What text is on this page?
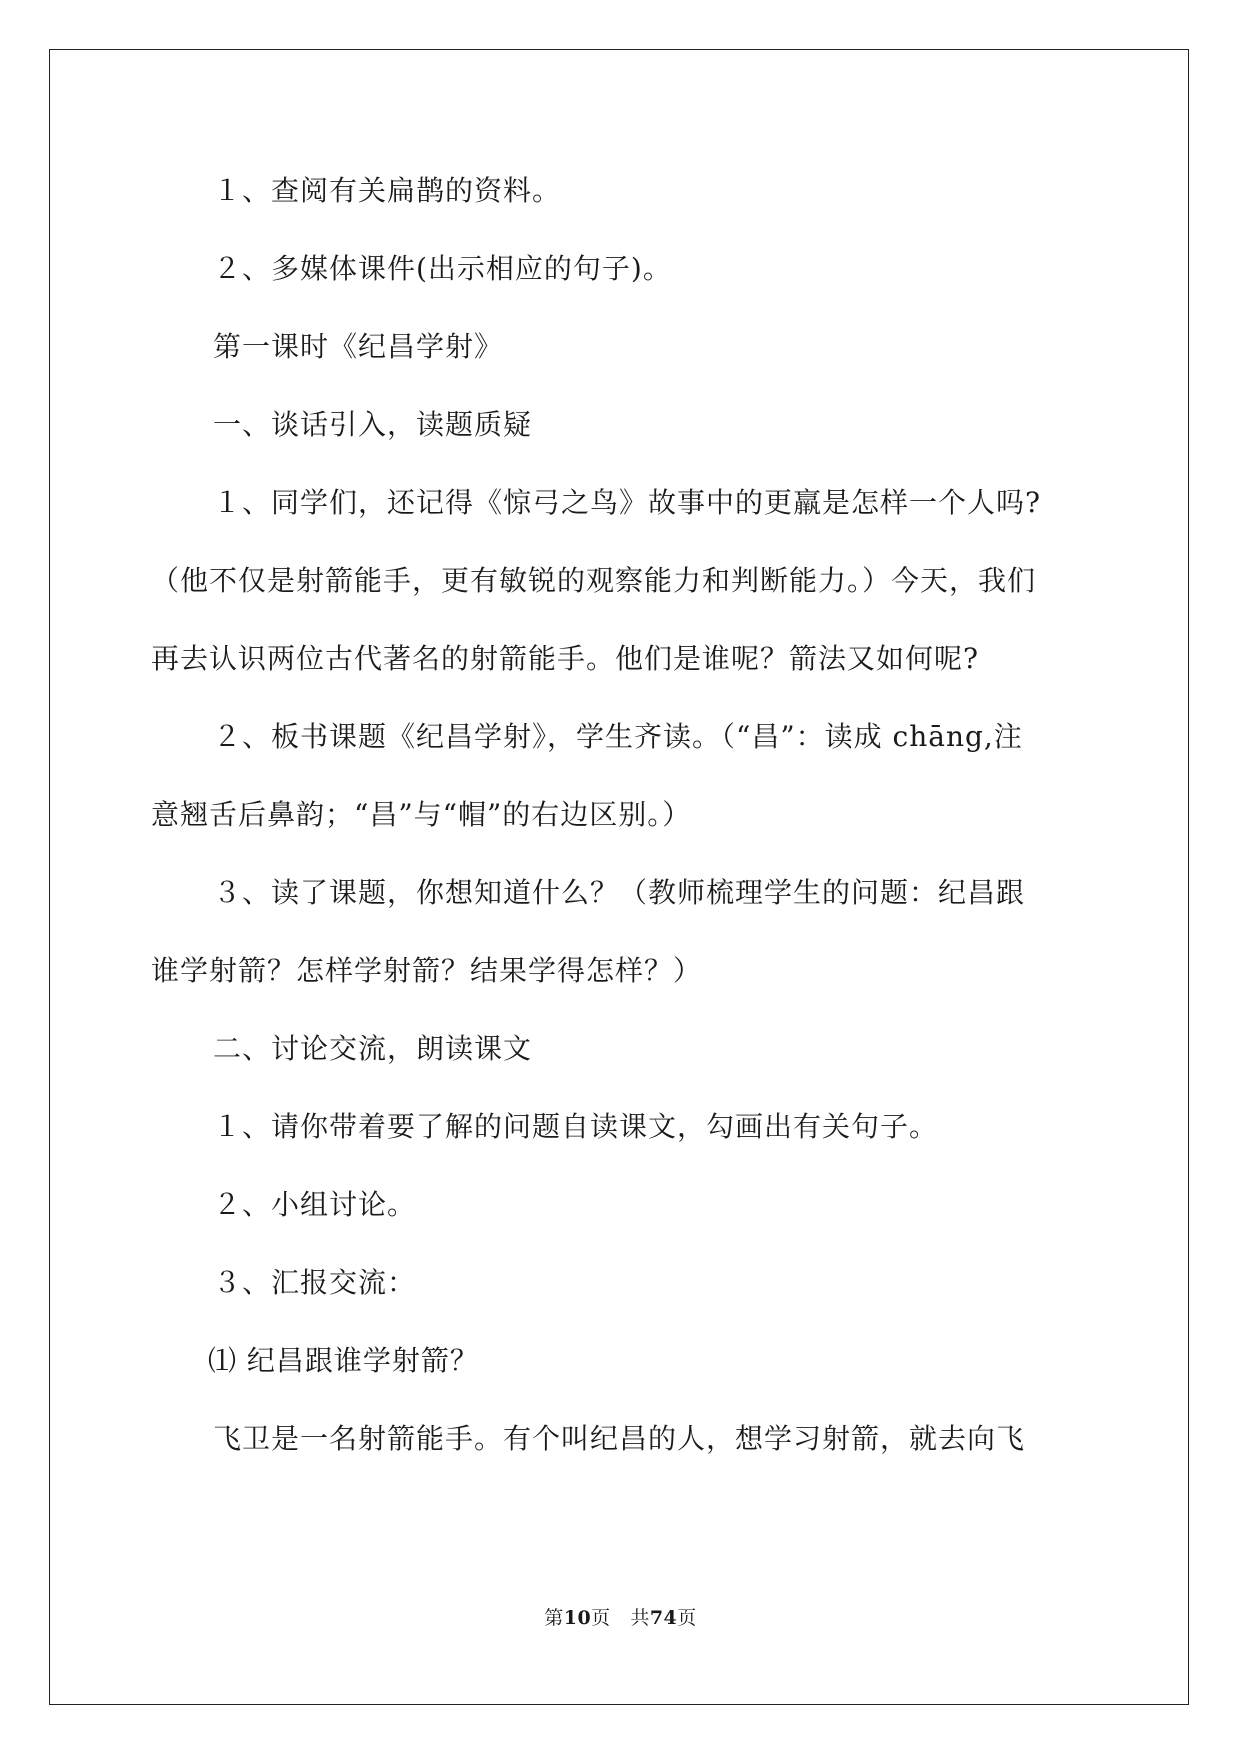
１、查阅有关扁鹊的资料。
２、多媒体课件(出示相应的句子)。
第一课时《纪昌学射》
一、谈话引入，读题质疑
１、同学们，还记得《惊弓之鸟》故事中的更羸是怎样一个人吗?
（他不仅是射箭能手，更有敏锐的观察能力和判断能力。）今天，我们
再去认识两位古代著名的射箭能手。他们是谁呢？箭法又如何呢?
２、板书课题《纪昌学射》，学生齐读。（“昌”：读成 chāng,注
意翘舌后鼻韵；“昌”与“帽”的右边区别。）
３、读了课题，你想知道什么？（教师梳理学生的问题：纪昌跟
谁学射箭？怎样学射箭？结果学得怎样？）
二、讨论交流，朗读课文
１、请你带着要了解的问题自读课文，勾画出有关句子。
２、小组讨论。
３、汇报交流：
⑴ 纪昌跟谁学射箭？
飞卫是一名射箭能手。有个叫纪昌的人，想学习射箭，就去向飞
第10页 共74页
